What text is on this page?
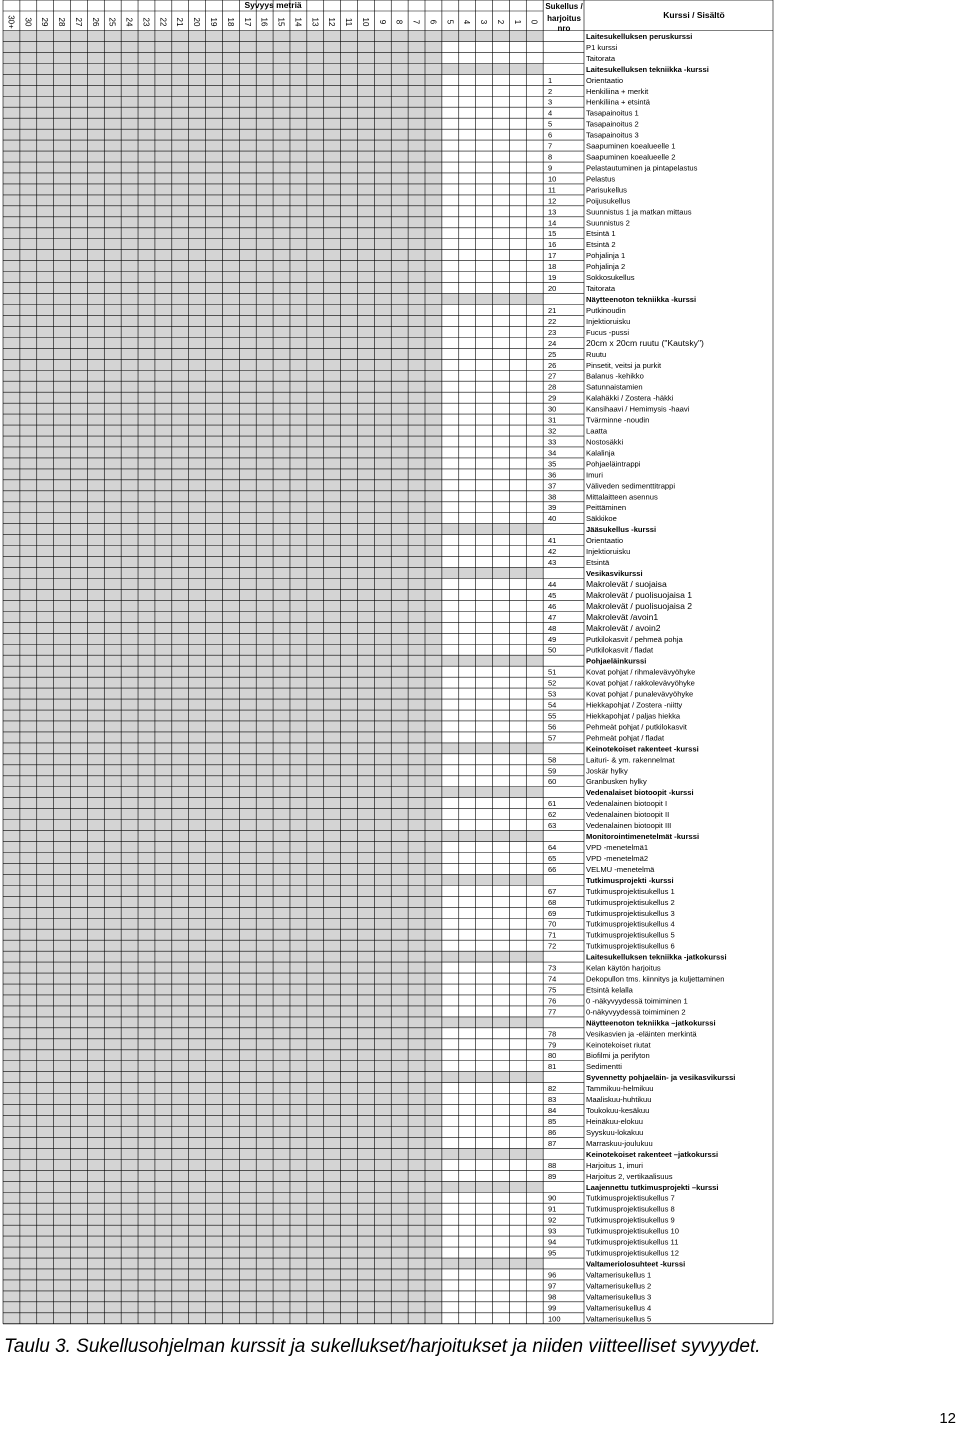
Syvyys metriä	Sukellus /
harjoitus
nro
Kurssi / Sisältö
30+ 30 29 28 27 26 25 24 23 22 21 20 19 18 17 16 15 14 13 12 11 10 9 8 7 6 5 4 3 2 1 0
Laitesukelluksen peruskurssi
P1 kurssi
Taitorata
Laitesukelluksen tekniikka -kurssi
1	Orientaatio
2	Henkiliina + merkit
3	Henkiliina + etsintä
4	Tasapainoitus 1
5	Tasapainoitus 2
6	Tasapainoitus 3
7	Saapuminen koealueelle 1
8	Saapuminen koealueelle 2
9	Pelastautuminen ja pintapelastus
10	Pelastus
11	Parisukellus
12	Poijusukellus
13	Suunnistus 1 ja matkan mittaus
14	Suunnistus 2
15	Etsintä 1
16	Etsintä 2
17	Pohjalinja 1
18	Pohjalinja 2
19	Sokkosukellus
20	Taitorata
Näytteenoton tekniikka -kurssi
21	Putkinoudin
22	Injektioruisku
23	Fucus -pussi
24	20cm x 20cm ruutu ("Kautsky")
25	Ruutu
26	Pinsetit, veitsi ja purkit
27	Balanus -kehikko
28	Satunnaistamien
29	Kalahäkki / Zostera -häkki
30	Kansihaavi / Hemimysis -haavi
31	Tvärminne -noudin
32	Laatta
33	Nostosäkki
34	Kalalinja
35	Pohjaeläintrappi
36	Imuri
37	Väliveden sedimenttitrappi
38	Mittalaitteen asennus
39	Peittäminen
40	Säkkikoe
Jääsukellus -kurssi
41	Orientaatio
42	Injektioruisku
43	Etsintä
Vesikasvikurssi
44	Makrolevät / suojaisa
45	Makrolevät / puolisuojaisa 1
46	Makrolevät / puolisuojaisa 2
47	Makrolevät /avoin1
48	Makrolevät / avoin2
49	Putkilokasvit / pehmeä pohja
50	Putkilokasvit / fladat
Pohjaeläinkurssi
51	Kovat pohjat / rihmalevävyöhyke
52	Kovat pohjat / rakkolevävyöhyke
53	Kovat pohjat / punalevävyöhyke
54	Hiekkapohjat / Zostera -niitty
55	Hiekkapohjat / paljas hiekka
56	Pehmeät pohjat / putkilokasvit
57	Pehmeät pohjat / fladat
Keinotekoiset rakenteet -kurssi
58	Laituri- & ym. rakennelmat
59	Joskär hylky
60	Granbusken hylky
Vedenalaiset biotoopit -kurssi
61	Vedenalainen biotoopit I
62	Vedenalainen biotoopit II
63	Vedenalainen biotoopit III
Monitorointimenetelmät -kurssi
64	VPD -menetelmä1
65	VPD -menetelmä2
66	VELMU -menetelmä
Tutkimusprojekti -kurssi
67	Tutkimusprojektisukellus 1
68	Tutkimusprojektisukellus 2
69	Tutkimusprojektisukellus 3
70	Tutkimusprojektisukellus 4
71	Tutkimusprojektisukellus 5
72	Tutkimusprojektisukellus 6
Laitesukelluksen tekniikka -jatkokurssi
73	Kelan käytön harjoitus
74	Dekopullon tms. kiinnitys ja kuljettaminen
75	Etsintä kelalla
76	0 -näkyvyydessä toimiminen 1
77	0-näkyvyydessä toimiminen 2
Näytteenoton tekniikka –jatkokurssi
78	Vesikasvien ja -eläinten merkintä
79	Keinotekoiset riutat
80	Biofilmi ja perifyton
81	Sedimentti
Syvennetty pohjaeläin- ja vesikasvikurssi
82	Tammikuu-helmikuu
83	Maaliskuu-huhtikuu
84	Toukokuu-kesäkuu
85	Heinäkuu-elokuu
86	Syyskuu-lokakuu
87	Marraskuu-joulukuu
Keinotekoiset rakenteet –jatkokurssi
88	Harjoitus 1, imuri
89	Harjoitus 2, vertikaalisuus
Laajennettu tutkimusprojekti –kurssi
90	Tutkimusprojektisukellus 7
91	Tutkimusprojektisukellus 8
92	Tutkimusprojektisukellus 9
93	Tutkimusprojektisukellus 10
94	Tutkimusprojektisukellus 11
95	Tutkimusprojektisukellus 12
Valtameriolosuhteet -kurssi
96	Valtamerisukellus 1
97	Valtamerisukellus 2
98	Valtamerisukellus 3
99	Valtamerisukellus 4
100	Valtamerisukellus 5
Taulu 3. Sukellusohjelman kurssit ja sukellukset/harjoitukset ja niiden viitteelliset syvyydet.
12
